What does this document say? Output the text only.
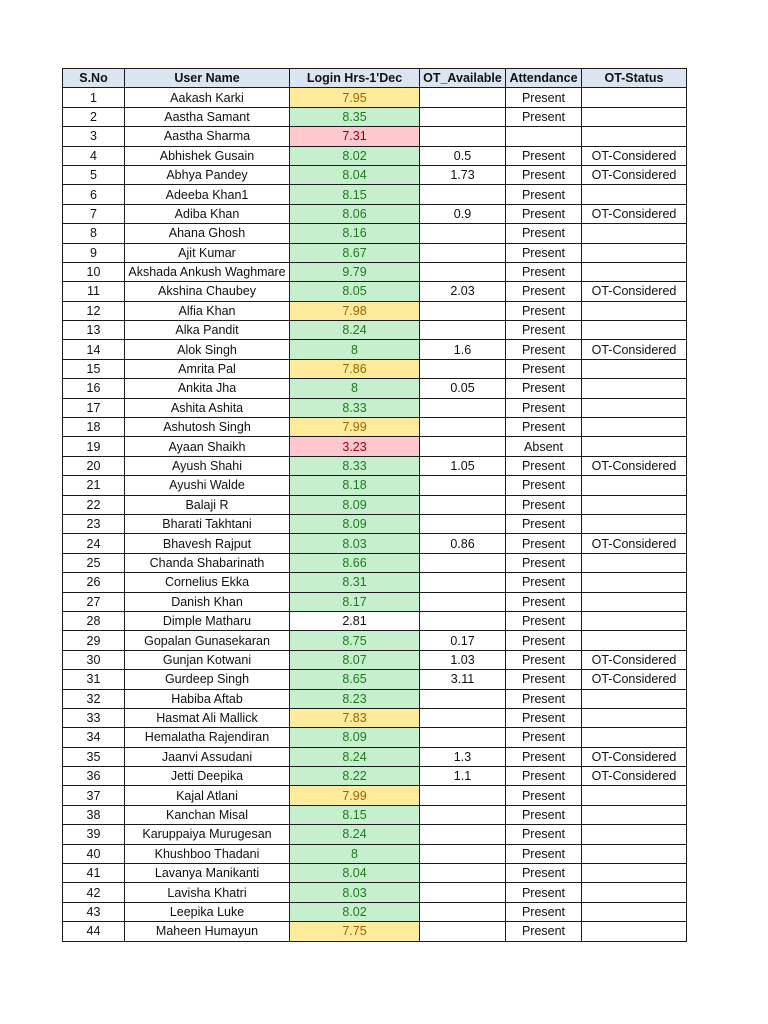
S.No	User Name	Login Hrs-1'Dec	OT_Available	Attendance	OT-Status
1	Aakash Karki	7.95		Present	
2	Aastha Samant	8.35		Present	
3	Aastha Sharma	7.31			
4	Abhishek Gusain	8.02	0.5	Present	OT-Considered
5	Abhya Pandey	8.04	1.73	Present	OT-Considered
6	Adeeba Khan1	8.15		Present	
7	Adiba Khan	8.06	0.9	Present	OT-Considered
8	Ahana Ghosh	8.16		Present	
9	Ajit Kumar	8.67		Present	
10	Akshada Ankush Waghmare	9.79		Present	
11	Akshina Chaubey	8.05	2.03	Present	OT-Considered
12	Alfia Khan	7.98		Present	
13	Alka Pandit	8.24		Present	
14	Alok Singh	8	1.6	Present	OT-Considered
15	Amrita Pal	7.86		Present	
16	Ankita Jha	8	0.05	Present	
17	Ashita Ashita	8.33		Present	
18	Ashutosh Singh	7.99		Present	
19	Ayaan Shaikh	3.23		Absent	
20	Ayush Shahi	8.33	1.05	Present	OT-Considered
21	Ayushi Walde	8.18		Present	
22	Balaji R	8.09		Present	
23	Bharati Takhtani	8.09		Present	
24	Bhavesh Rajput	8.03	0.86	Present	OT-Considered
25	Chanda Shabarinath	8.66		Present	
26	Cornelius Ekka	8.31		Present	
27	Danish Khan	8.17		Present	
28	Dimple Matharu	2.81		Present	
29	Gopalan Gunasekaran	8.75	0.17	Present	
30	Gunjan Kotwani	8.07	1.03	Present	OT-Considered
31	Gurdeep Singh	8.65	3.11	Present	OT-Considered
32	Habiba Aftab	8.23		Present	
33	Hasmat Ali Mallick	7.83		Present	
34	Hemalatha Rajendiran	8.09		Present	
35	Jaanvi Assudani	8.24	1.3	Present	OT-Considered
36	Jetti Deepika	8.22	1.1	Present	OT-Considered
37	Kajal Atlani	7.99		Present	
38	Kanchan Misal	8.15		Present	
39	Karuppaiya Murugesan	8.24		Present	
40	Khushboo Thadani	8		Present	
41	Lavanya Manikanti	8.04		Present	
42	Lavisha Khatri	8.03		Present	
43	Leepika Luke	8.02		Present	
44	Maheen Humayun	7.75		Present	
